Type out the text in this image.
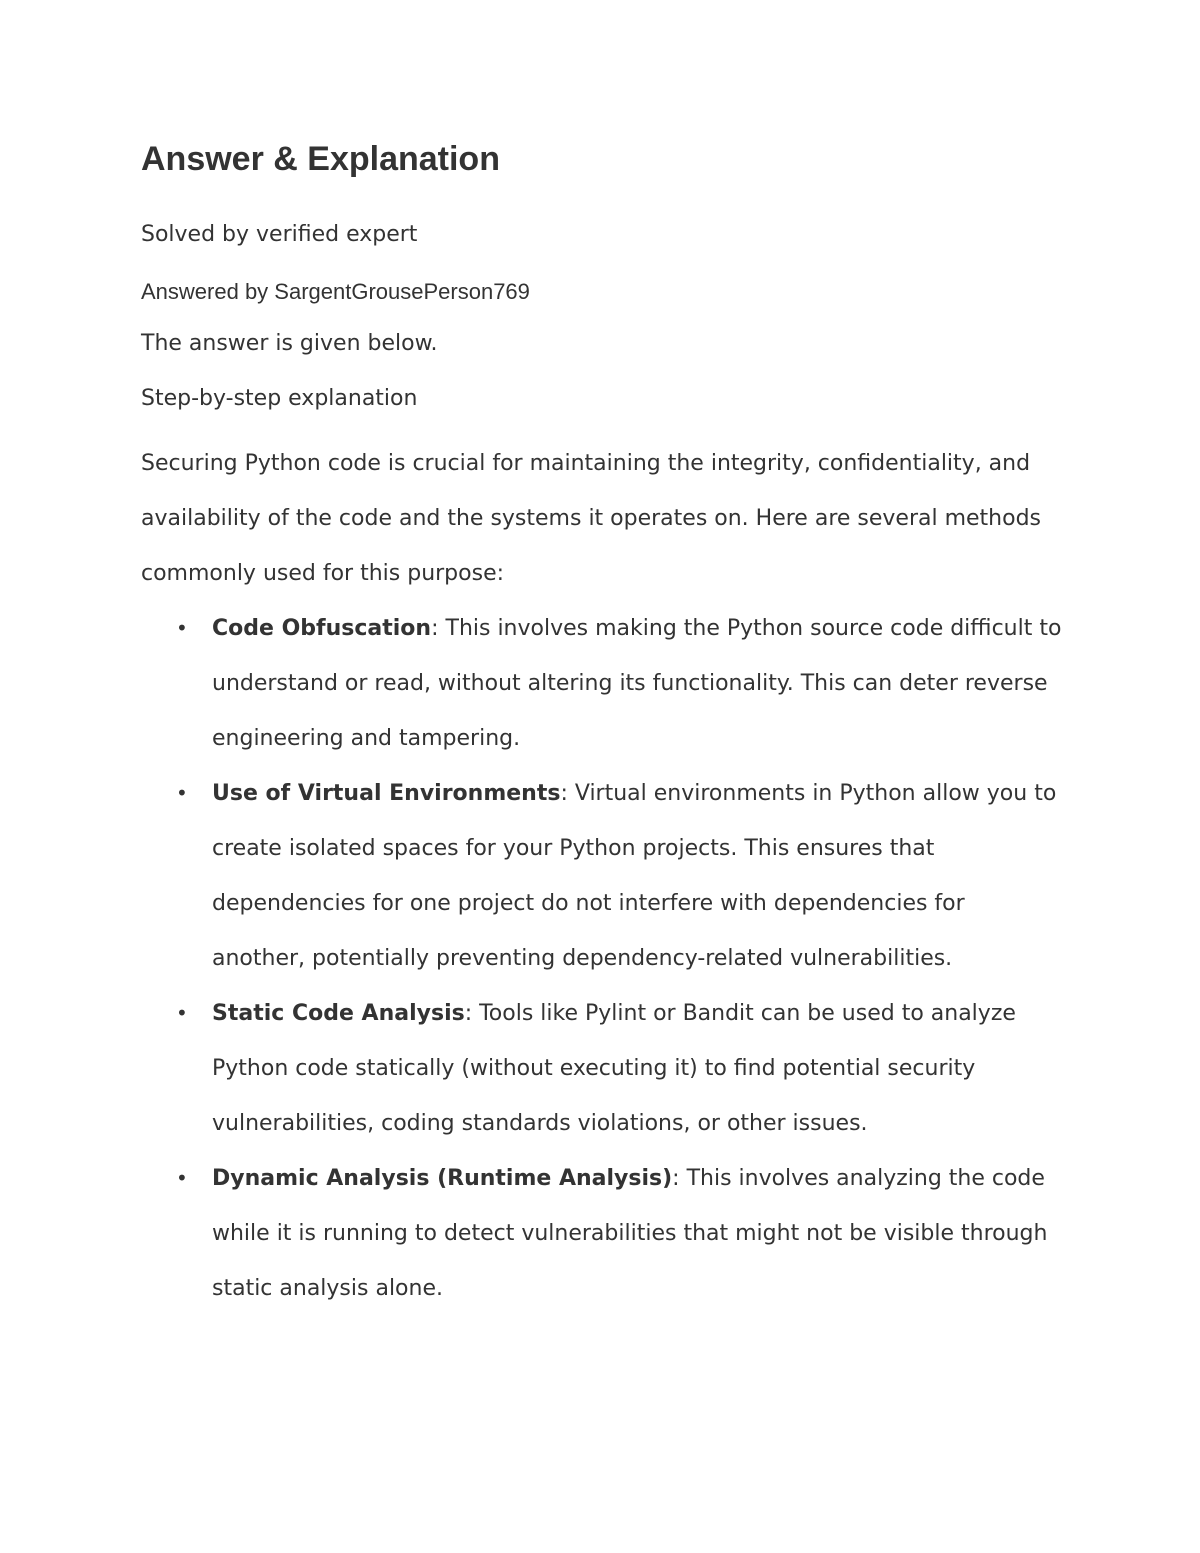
Answer & Explanation

Solved by verified expert

Answered by SargentGrousePerson769

The answer is given below.

Step-by-step explanation

Securing Python code is crucial for maintaining the integrity, confidentiality, and availability of the code and the systems it operates on. Here are several methods commonly used for this purpose:

• Code Obfuscation: This involves making the Python source code difficult to understand or read, without altering its functionality. This can deter reverse engineering and tampering.
• Use of Virtual Environments: Virtual environments in Python allow you to create isolated spaces for your Python projects. This ensures that dependencies for one project do not interfere with dependencies for another, potentially preventing dependency-related vulnerabilities.
• Static Code Analysis: Tools like Pylint or Bandit can be used to analyze Python code statically (without executing it) to find potential security vulnerabilities, coding standards violations, or other issues.
• Dynamic Analysis (Runtime Analysis): This involves analyzing the code while it is running to detect vulnerabilities that might not be visible through static analysis alone.
